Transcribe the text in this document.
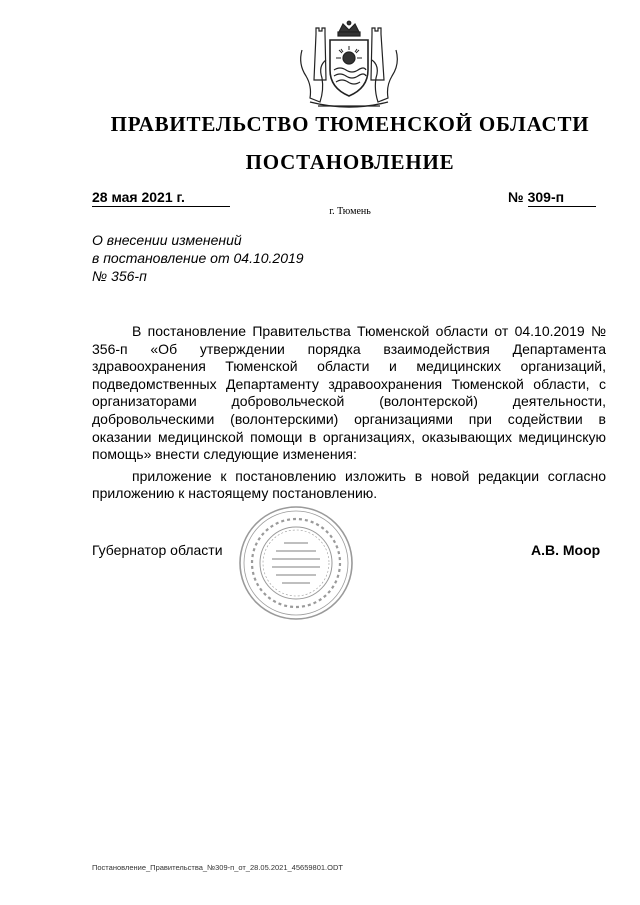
ПРАВИТЕЛЬСТВО ТЮМЕНСКОЙ ОБЛАСТИ
ПОСТАНОВЛЕНИЕ
28 мая 2021 г.	№ 309-п
г. Тюмень
О внесении изменений
в постановление от 04.10.2019
№ 356-п

В постановление Правительства Тюменской области от 04.10.2019 № 356-п «Об утверждении порядка взаимодействия Департамента здравоохранения Тюменской области и медицинских организаций, подведомственных Департаменту здравоохранения Тюменской области, с организаторами добровольческой (волонтерской) деятельности, добровольческими (волонтерскими) организациями при содействии в оказании медицинской помощи в организациях, оказывающих медицинскую помощь» внести следующие изменения:

приложение к постановлению изложить в новой редакции согласно приложению к настоящему постановлению.

Губернатор области	А.В. Моор
Постановление_Правительства_№309-п_от_28.05.2021_45659801.ODT
